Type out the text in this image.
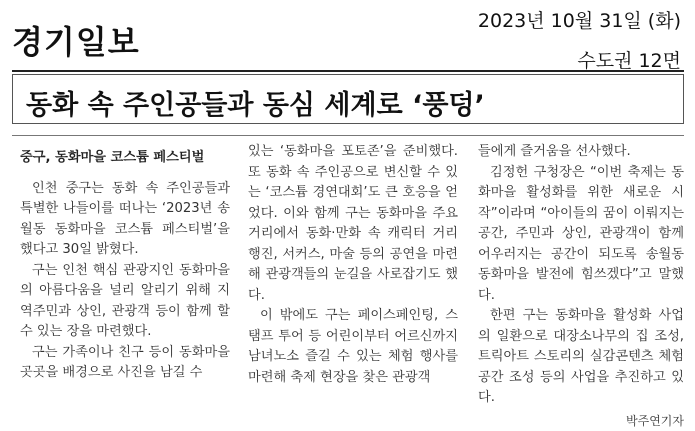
경기일보
2023년 10월 31일 (화)
수도권 12면
동화 속 주인공들과 동심 세계로 ‘풍덩’

중구, 동화마을 코스튬 페스티벌

인천 중구는 동화 속 주인공들과 특별한 나들이를 떠나는 ‘2023년 송월동 동화마을 코스튬 페스티벌’을 했다고 30일 밝혔다.

구는 인천 핵심 관광지인 동화마을의 아름다움을 널리 알리기 위해 지역주민과 상인, 관광객 등이 함께 할 수 있는 장을 마련했다.

구는 가족이나 친구 등이 동화마을 곳곳을 배경으로 사진을 남길 수

있는 ‘동화마을 포토존’을 준비했다. 또 동화 속 주인공으로 변신할 수 있는 ‘코스튬 경연대회’도 큰 호응을 얻었다. 이와 함께 구는 동화마을 주요 거리에서 동화·만화 속 캐릭터 거리 행진, 서커스, 마술 등의 공연을 마련해 관광객들의 눈길을 사로잡기도 했다.

이 밖에도 구는 페이스페인팅, 스탬프 투어 등 어린이부터 어르신까지 남녀노소 즐길 수 있는 체험 행사를 마련해 축제 현장을 찾은 관광객

들에게 즐거움을 선사했다.

김정헌 구청장은 “이번 축제는 동화마을 활성화를 위한 새로운 시작”이라며 “아이들의 꿈이 이뤄지는 공간, 주민과 상인, 관광객이 함께 어우러지는 공간이 되도록 송월동 동화마을 발전에 힘쓰겠다”고 말했다.

한편 구는 동화마을 활성화 사업의 일환으로 대장소나무의 집 조성, 트릭아트 스토리의 실감콘텐츠 체험 공간 조성 등의 사업을 추진하고 있다.

박주연기자
